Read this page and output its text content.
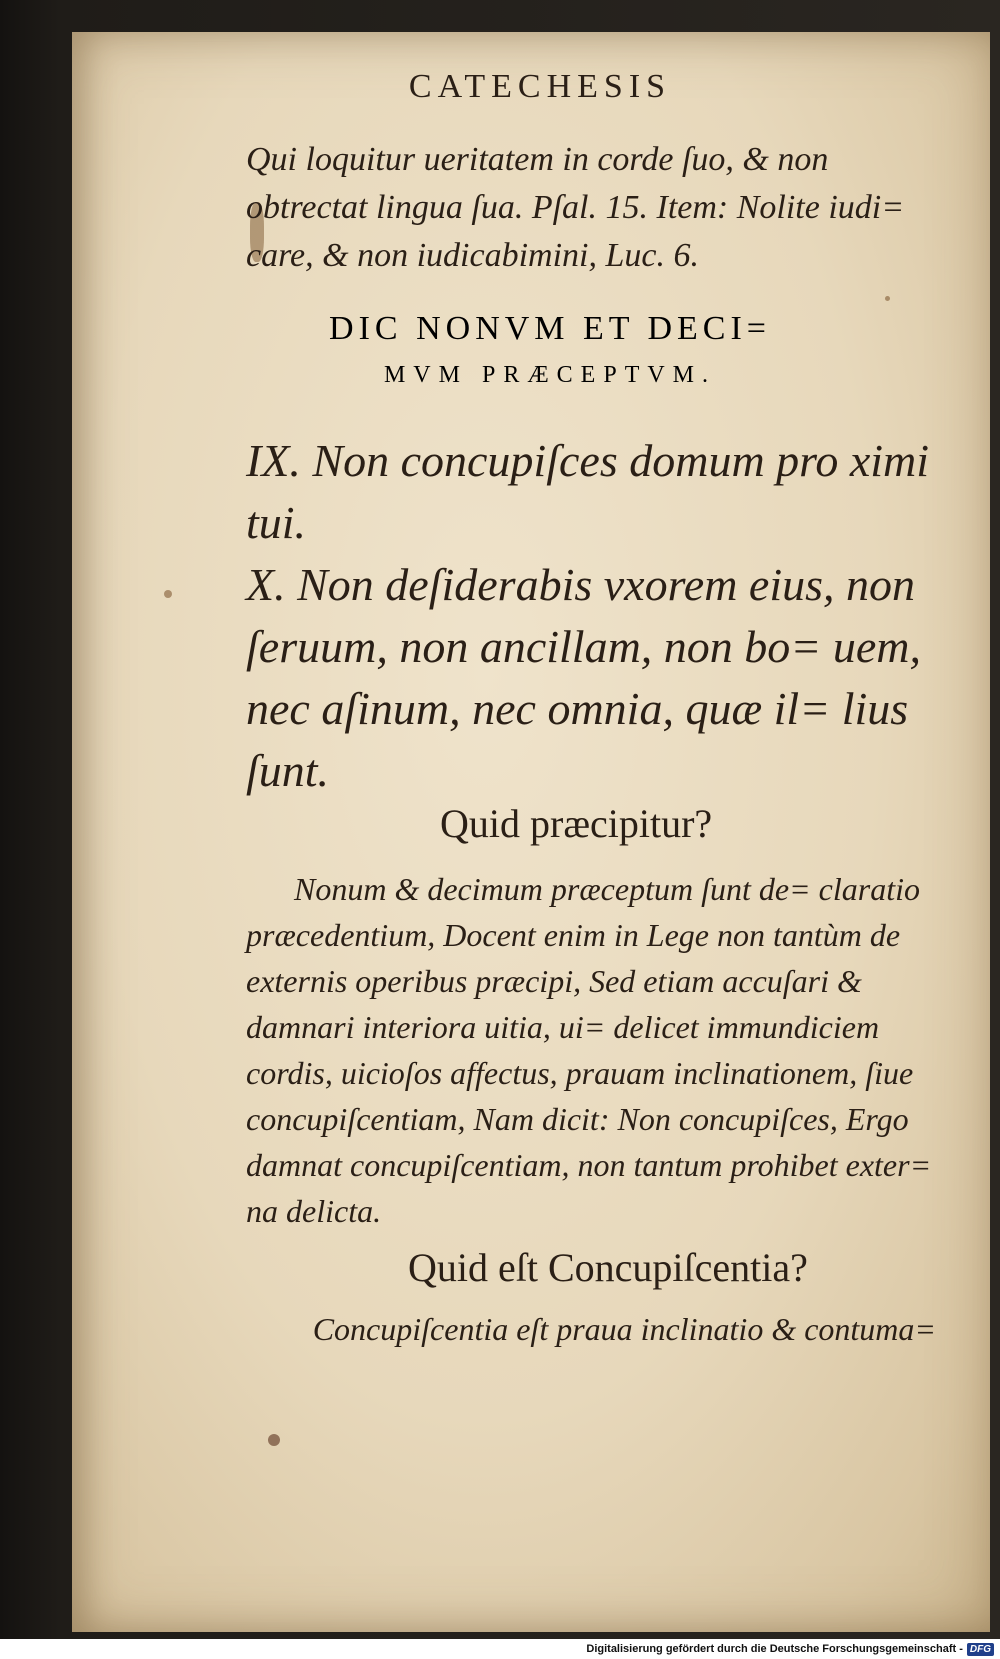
CATECHESIS
Qui loquitur ueritatem in corde ſuo, & non obtrectat lingua ſua. Pſal. 15. Item: Nolite iudi= care, & non iudicabimini, Luc. 6.
DIC NONVM ET DECI=
MVM PRÆCEPTVM.
IX. Non concupiſces domum pro ximi tui.
X. Non deſiderabis vxorem eius, non ſeruum, non ancillam, non bo= uem, nec aſinum, nec omnia, quæ il= lius ſunt.
Quid præcipitur?
Nonum & decimum præceptum ſunt de= claratio præcedentium, Docent enim in Lege non tantùm de externis operibus præcipi, Sed etiam accuſari & damnari interiora uitia, ui= delicet immundiciem cordis, uicioſos affectus, prauam inclinationem, ſiue concupiſcentiam, Nam dicit: Non concupiſces, Ergo damnat concupiſcentiam, non tantum prohibet exter= na delicta.
Quid eſt Concupiſcentia?
Concupiſcentia eſt praua inclinatio & contuma=
Digitalisierung gefördert durch die Deutsche Forschungsgemeinschaft - DFG
